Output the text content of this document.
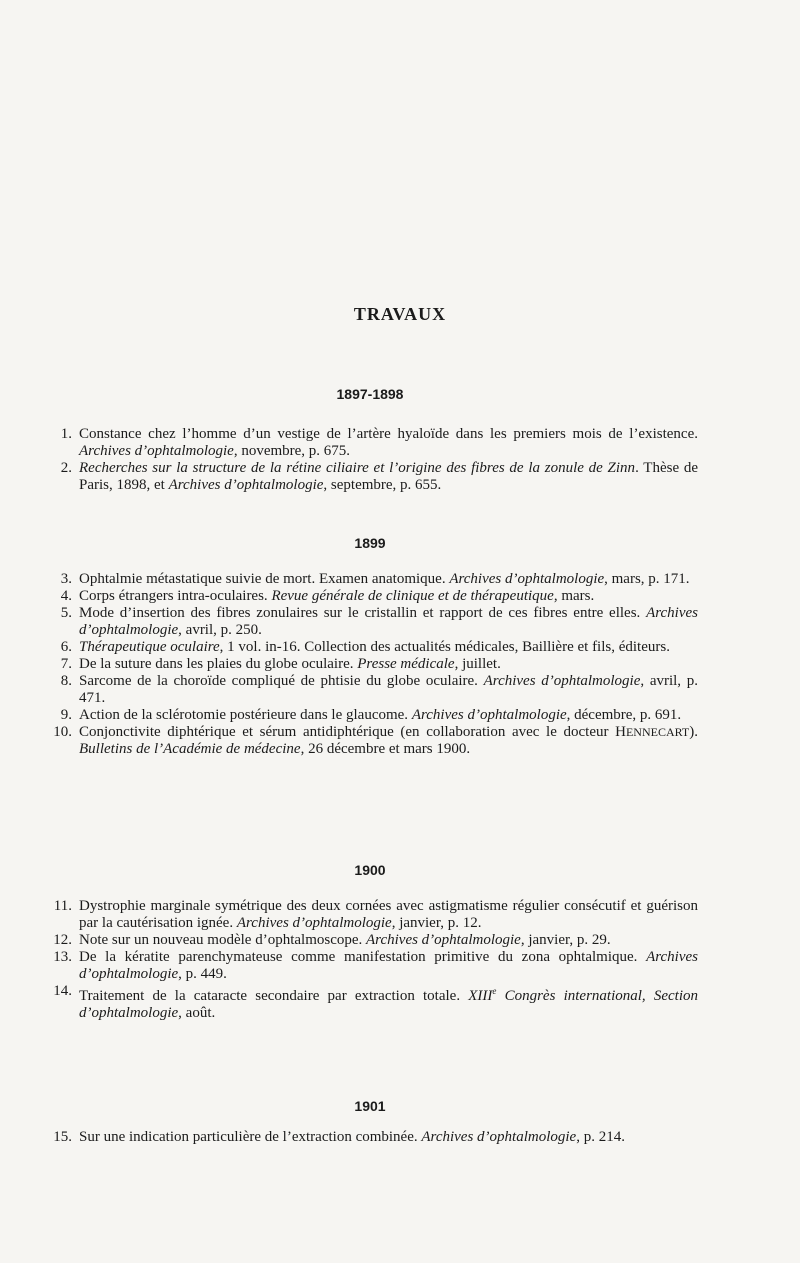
TRAVAUX
1897-1898
1. Constance chez l’homme d’un vestige de l’artère hyaloïde dans les premiers mois de l’existence. Archives d’ophtalmologie, novembre, p. 675.
2. Recherches sur la structure de la rétine ciliaire et l’origine des fibres de la zonule de Zinn. Thèse de Paris, 1898, et Archives d’ophtalmologie, septembre, p. 655.
1899
3. Ophtalmie métastatique suivie de mort. Examen anatomique. Archives d’ophtalmologie, mars, p. 171.
4. Corps étrangers intra-oculaires. Revue générale de clinique et de thérapeutique, mars.
5. Mode d’insertion des fibres zonulaires sur le cristallin et rapport de ces fibres entre elles. Archives d’ophtalmologie, avril, p. 250.
6. Thérapeutique oculaire, 1 vol. in-16. Collection des actualités médicales, Baillière et fils, éditeurs.
7. De la suture dans les plaies du globe oculaire. Presse médicale, juillet.
8. Sarcome de la choroïde compliqué de phtisie du globe oculaire. Archives d’ophtalmologie, avril, p. 471.
9. Action de la sclérotomie postérieure dans le glaucome. Archives d’ophtalmologie, décembre, p. 691.
10. Conjonctivite diphtérique et sérum antidiphtérique (en collaboration avec le docteur HENNECART). Bulletins de l’Académie de médecine, 26 décembre et mars 1900.
1900
11. Dystrophie marginale symétrique des deux cornées avec astigmatisme régulier consécutif et guérison par la cautérisation ignée. Archives d’ophtalmologie, janvier, p. 12.
12. Note sur un nouveau modèle d’ophtalmoscope. Archives d’ophtalmologie, janvier, p. 29.
13. De la kératite parenchymateuse comme manifestation primitive du zona ophtalmique. Archives d’ophtalmologie, p. 449.
14. Traitement de la cataracte secondaire par extraction totale. XIIIe Congrès international, Section d’ophtalmologie, août.
1901
15. Sur une indication particulière de l’extraction combinée. Archives d’ophtalmologie, p. 214.
